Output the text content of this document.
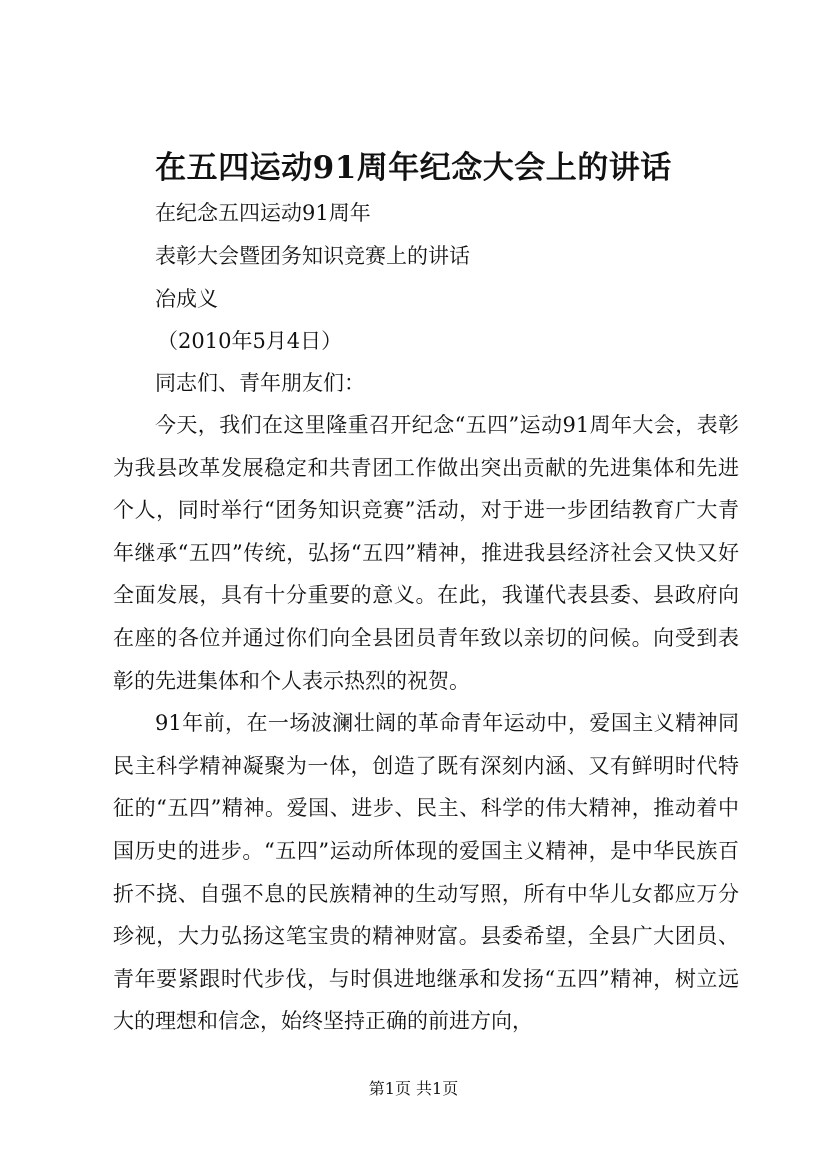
在五四运动91周年纪念大会上的讲话
在纪念五四运动91周年
表彰大会暨团务知识竞赛上的讲话
冶成义
（2010年5月4日）
同志们、青年朋友们：

今天，我们在这里隆重召开纪念“五四”运动91周年大会，表彰为我县改革发展稳定和共青团工作做出突出贡献的先进集体和先进个人，同时举行“团务知识竞赛”活动，对于进一步团结教育广大青年继承“五四”传统，弘扬“五四”精神，推进我县经济社会又快又好全面发展，具有十分重要的意义。在此，我谨代表县委、县政府向在座的各位并通过你们向全县团员青年致以亲切的问候。向受到表彰的先进集体和个人表示热烈的祝贺。

91年前，在一场波澜壮阔的革命青年运动中，爱国主义精神同民主科学精神凝聚为一体，创造了既有深刻内涵、又有鲜明时代特征的“五四”精神。爱国、进步、民主、科学的伟大精神，推动着中国历史的进步。“五四”运动所体现的爱国主义精神，是中华民族百折不挠、自强不息的民族精神的生动写照，所有中华儿女都应万分珍视，大力弘扬这笔宝贵的精神财富。县委希望，全县广大团员、青年要紧跟时代步伐，与时俱进地继承和发扬“五四”精神，树立远大的理想和信念，始终坚持正确的前进方向，

第1页 共1页
